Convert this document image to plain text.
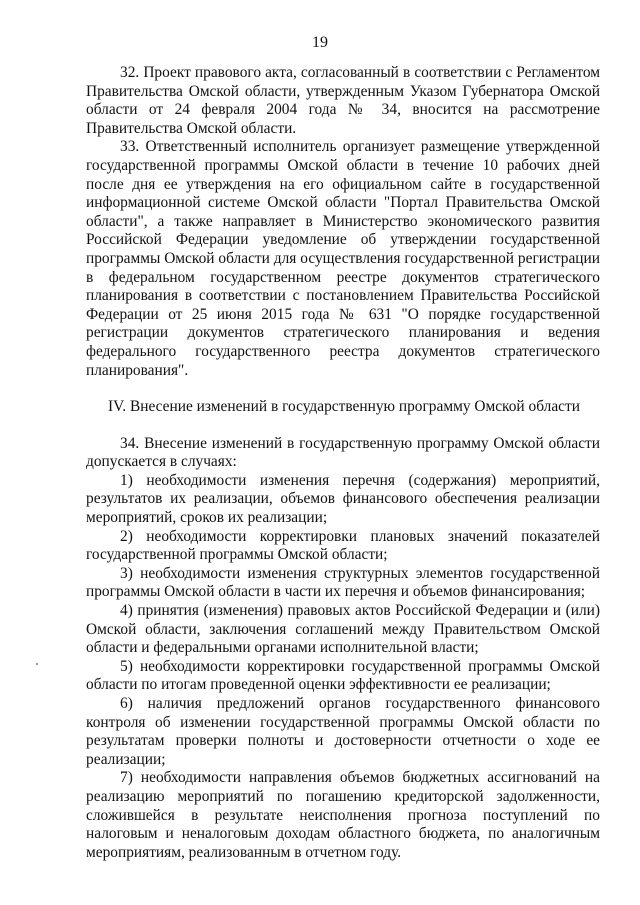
19

32. Проект правового акта, согласованный в соответствии с Регламентом Правительства Омской области, утвержденным Указом Губернатора Омской области от 24 февраля 2004 года № 34, вносится на рассмотрение Правительства Омской области.

33. Ответственный исполнитель организует размещение утвержденной государственной программы Омской области в течение 10 рабочих дней после дня ее утверждения на его официальном сайте в государственной информационной системе Омской области "Портал Правительства Омской области", а также направляет в Министерство экономического развития Российской Федерации уведомление об утверждении государственной программы Омской области для осуществления государственной регистрации в федеральном государственном реестре документов стратегического планирования в соответствии с постановлением Правительства Российской Федерации от 25 июня 2015 года № 631 "О порядке государственной регистрации документов стратегического планирования и ведения федерального государственного реестра документов стратегического планирования".

IV. Внесение изменений в государственную программу Омской области

34. Внесение изменений в государственную программу Омской области допускается в случаях:

1) необходимости изменения перечня (содержания) мероприятий, результатов их реализации, объемов финансового обеспечения реализации мероприятий, сроков их реализации;

2) необходимости корректировки плановых значений показателей государственной программы Омской области;

3) необходимости изменения структурных элементов государственной программы Омской области в части их перечня и объемов финансирования;

4) принятия (изменения) правовых актов Российской Федерации и (или) Омской области, заключения соглашений между Правительством Омской области и федеральными органами исполнительной власти;

5) необходимости корректировки государственной программы Омской области по итогам проведенной оценки эффективности ее реализации;

6) наличия предложений органов государственного финансового контроля об изменении государственной программы Омской области по результатам проверки полноты и достоверности отчетности о ходе ее реализации;

7) необходимости направления объемов бюджетных ассигнований на реализацию мероприятий по погашению кредиторской задолженности, сложившейся в результате неисполнения прогноза поступлений по налоговым и неналоговым доходам областного бюджета, по аналогичным мероприятиям, реализованным в отчетном году.
